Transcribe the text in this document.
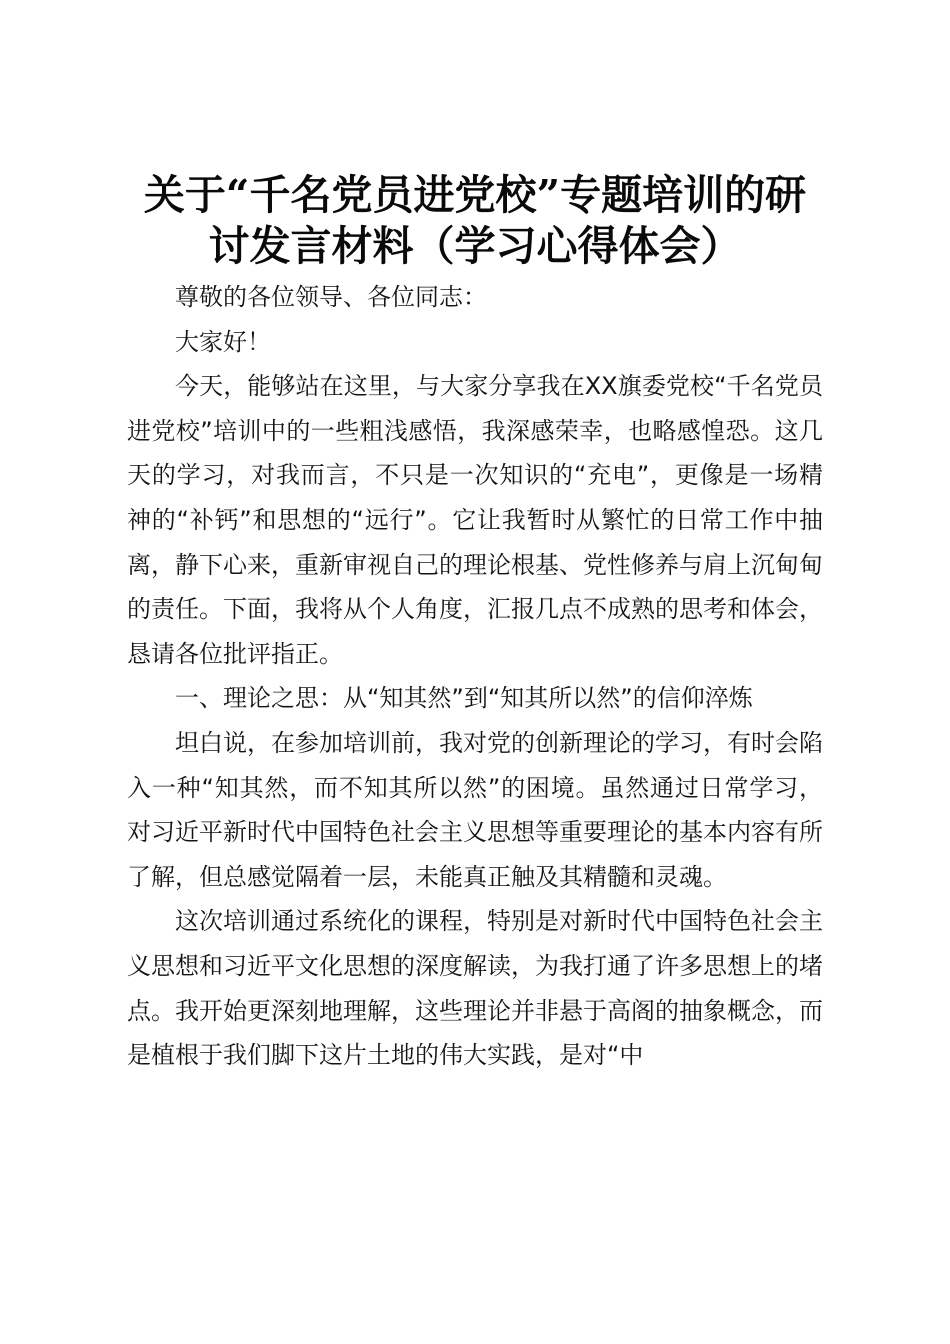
关于“千名党员进党校”专题培训的研
讨发言材料（学习心得体会）

尊敬的各位领导、各位同志：

大家好！

今天，能够站在这里，与大家分享我在XX旗委党校“千名党员进党校”培训中的一些粗浅感悟，我深感荣幸，也略感惶恐。这几天的学习，对我而言，不只是一次知识的“充电”，更像是一场精神的“补钙”和思想的“远行”。它让我暂时从繁忙的日常工作中抽离，静下心来，重新审视自己的理论根基、党性修养与肩上沉甸甸的责任。下面，我将从个人角度，汇报几点不成熟的思考和体会，恳请各位批评指正。

一、理论之思：从“知其然”到“知其所以然”的信仰淬炼

坦白说，在参加培训前，我对党的创新理论的学习，有时会陷入一种“知其然，而不知其所以然”的困境。虽然通过日常学习，对习近平新时代中国特色社会主义思想等重要理论的基本内容有所了解，但总感觉隔着一层，未能真正触及其精髓和灵魂。

这次培训通过系统化的课程，特别是对新时代中国特色社会主义思想和习近平文化思想的深度解读，为我打通了许多思想上的堵点。我开始更深刻地理解，这些理论并非悬于高阁的抽象概念，而是植根于我们脚下这片土地的伟大实践，是对“中
